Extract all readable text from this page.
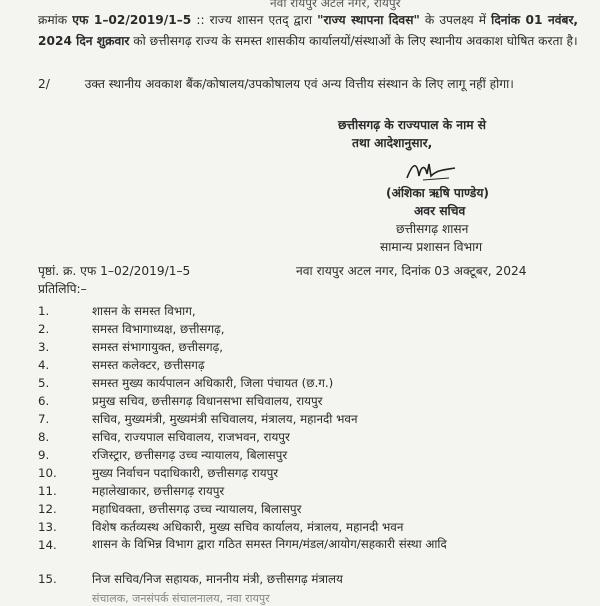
नवा रायपुर अटल नगर, रायपुर
क्रमांक एफ 1–02/2019/1–5 :: राज्य शासन एतद् द्वारा "राज्य स्थापना दिवस" के उपलक्ष्य में दिनांक 01 नवंबर, 2024 दिन शुक्रवार को छत्तीसगढ़ राज्य के समस्त शासकीय कार्यालयों/संस्थाओं के लिए स्थानीय अवकाश घोषित करता है।
2/	उक्त स्थानीय अवकाश बैंक/कोषालय/उपकोषालय एवं अन्य वित्तीय संस्थान के लिए लागू नहीं होगा।
छत्तीसगढ़ के राज्यपाल के नाम से
तथा आदेशानुसार,
(अंशिका ऋषि पाण्डेय)
अवर सचिव
छत्तीसगढ़ शासन
सामान्य प्रशासन विभाग
पृष्ठां. क्र. एफ 1–02/2019/1–5	नवा रायपुर अटल नगर, दिनांक 03 अक्टूबर, 2024
प्रतिलिपि:–
1.	शासन के समस्त विभाग,
2.	समस्त विभागाध्यक्ष, छत्तीसगढ़,
3.	समस्त संभागायुक्त, छत्तीसगढ़,
4.	समस्त कलेक्टर, छत्तीसगढ़
5.	समस्त मुख्य कार्यपालन अधिकारी, जिला पंचायत (छ.ग.)
6.	प्रमुख सचिव, छत्तीसगढ़ विधानसभा सचिवालय, रायपुर
7.	सचिव, मुख्यमंत्री, मुख्यमंत्री सचिवालय, मंत्रालय, महानदी भवन
8.	सचिव, राज्यपाल सचिवालय, राजभवन, रायपुर
9.	रजिस्ट्रार, छत्तीसगढ़ उच्च न्यायालय, बिलासपुर
10.	मुख्य निर्वाचन पदाधिकारी, छत्तीसगढ़ रायपुर
11.	महालेखाकार, छत्तीसगढ़ रायपुर
12.	महाधिवक्ता, छत्तीसगढ़ उच्च न्यायालय, बिलासपुर
13.	विशेष कर्तव्यस्थ अधिकारी, मुख्य सचिव कार्यालय, मंत्रालय, महानदी भवन
14.	शासन के विभिन्न विभाग द्वारा गठित समस्त निगम/मंडल/आयोग/सहकारी संस्था आदि
15.	निज सचिव/निज सहायक, माननीय मंत्री, छत्तीसगढ़ मंत्रालय
संचालक, जनसंपर्क संचालनालय, नवा रायपुर
